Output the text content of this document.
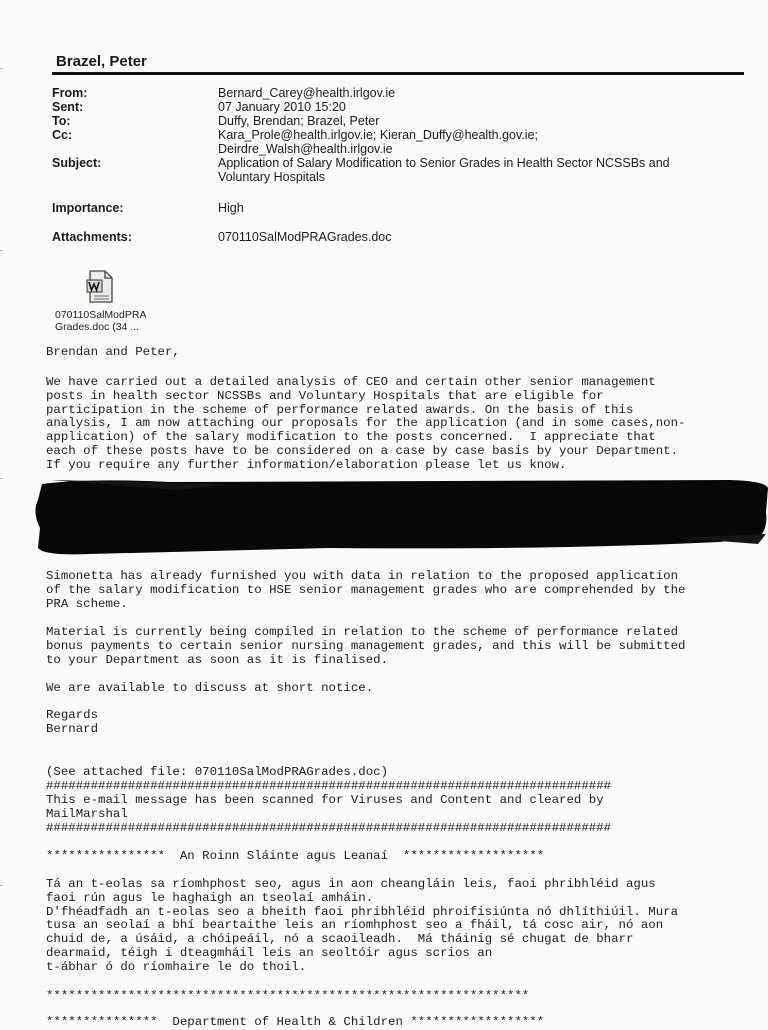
Brazel, Peter
From:	Bernard_Carey@health.irlgov.ie
Sent:	07 January 2010 15:20
To:	Duffy, Brendan; Brazel, Peter
Cc:	Kara_Prole@health.irlgov.ie; Kieran_Duffy@health.gov.ie;
Deirdre_Walsh@health.irlgov.ie
Subject:	Application of Salary Modification to Senior Grades in Health Sector NCSSBs and
Voluntary Hospitals
Importance:	High
Attachments:	070110SalModPRAGrades.doc
070110SalModPRA
Grades.doc (34 ...
Brendan and Peter,
We have carried out a detailed analysis of CEO and certain other senior management
posts in health sector NCSSBs and Voluntary Hospitals that are eligible for
participation in the scheme of performance related awards. On the basis of this
analysis, I am now attaching our proposals for the application (and in some cases,non-
application) of the salary modification to the posts concerned.  I appreciate that
each of these posts have to be considered on a case by case basis by your Department.
If you require any further information/elaboration please let us know.
Simonetta has already furnished you with data in relation to the proposed application
of the salary modification to HSE senior management grades who are comprehended by the
PRA scheme.
Material is currently being compiled in relation to the scheme of performance related
bonus payments to certain senior nursing management grades, and this will be submitted
to your Department as soon as it is finalised.
We are available to discuss at short notice.
Regards
Bernard
(See attached file: 070110SalModPRAGrades.doc)
############################################################################
This e-mail message has been scanned for Viruses and Content and cleared by
MailMarshal
############################################################################
****************  An Roinn Sláinte agus Leanaí  *******************
Tá an t-eolas sa ríomhphost seo, agus in aon cheangláin leis, faoi phribhléid agus
faoi rún agus le haghaigh an tseolaí amháin.
D'fhéadfadh an t-eolas seo a bheith faoi phribhléid phroifisiúnta nó dhlíthiúil. Mura
tusa an seolaí a bhí beartaithe leis an ríomhphost seo a fháil, tá cosc air, nó aon
chuid de, a úsáid, a chóipeáil, nó a scaoileadh.  Má tháinig sé chugat de bharr
dearmaid, téigh i dteagmháil leis an seoltóir agus scrios an
t-ábhar ó do ríomhaire le do thoil.
*****************************************************************
***************  Department of Health & Children ******************
